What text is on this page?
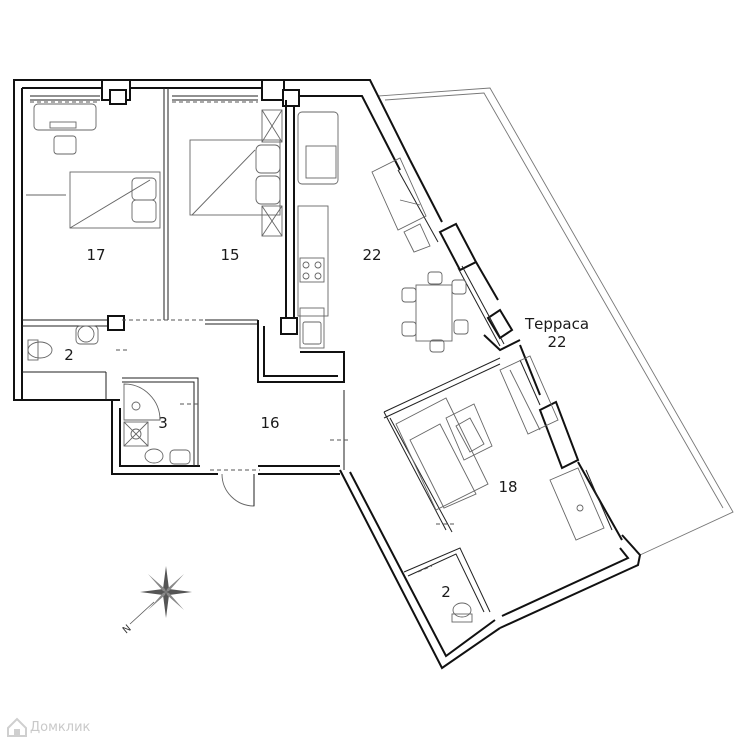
17	15	22
2
3	16
18
2
Терраса
22
N
Домклик
